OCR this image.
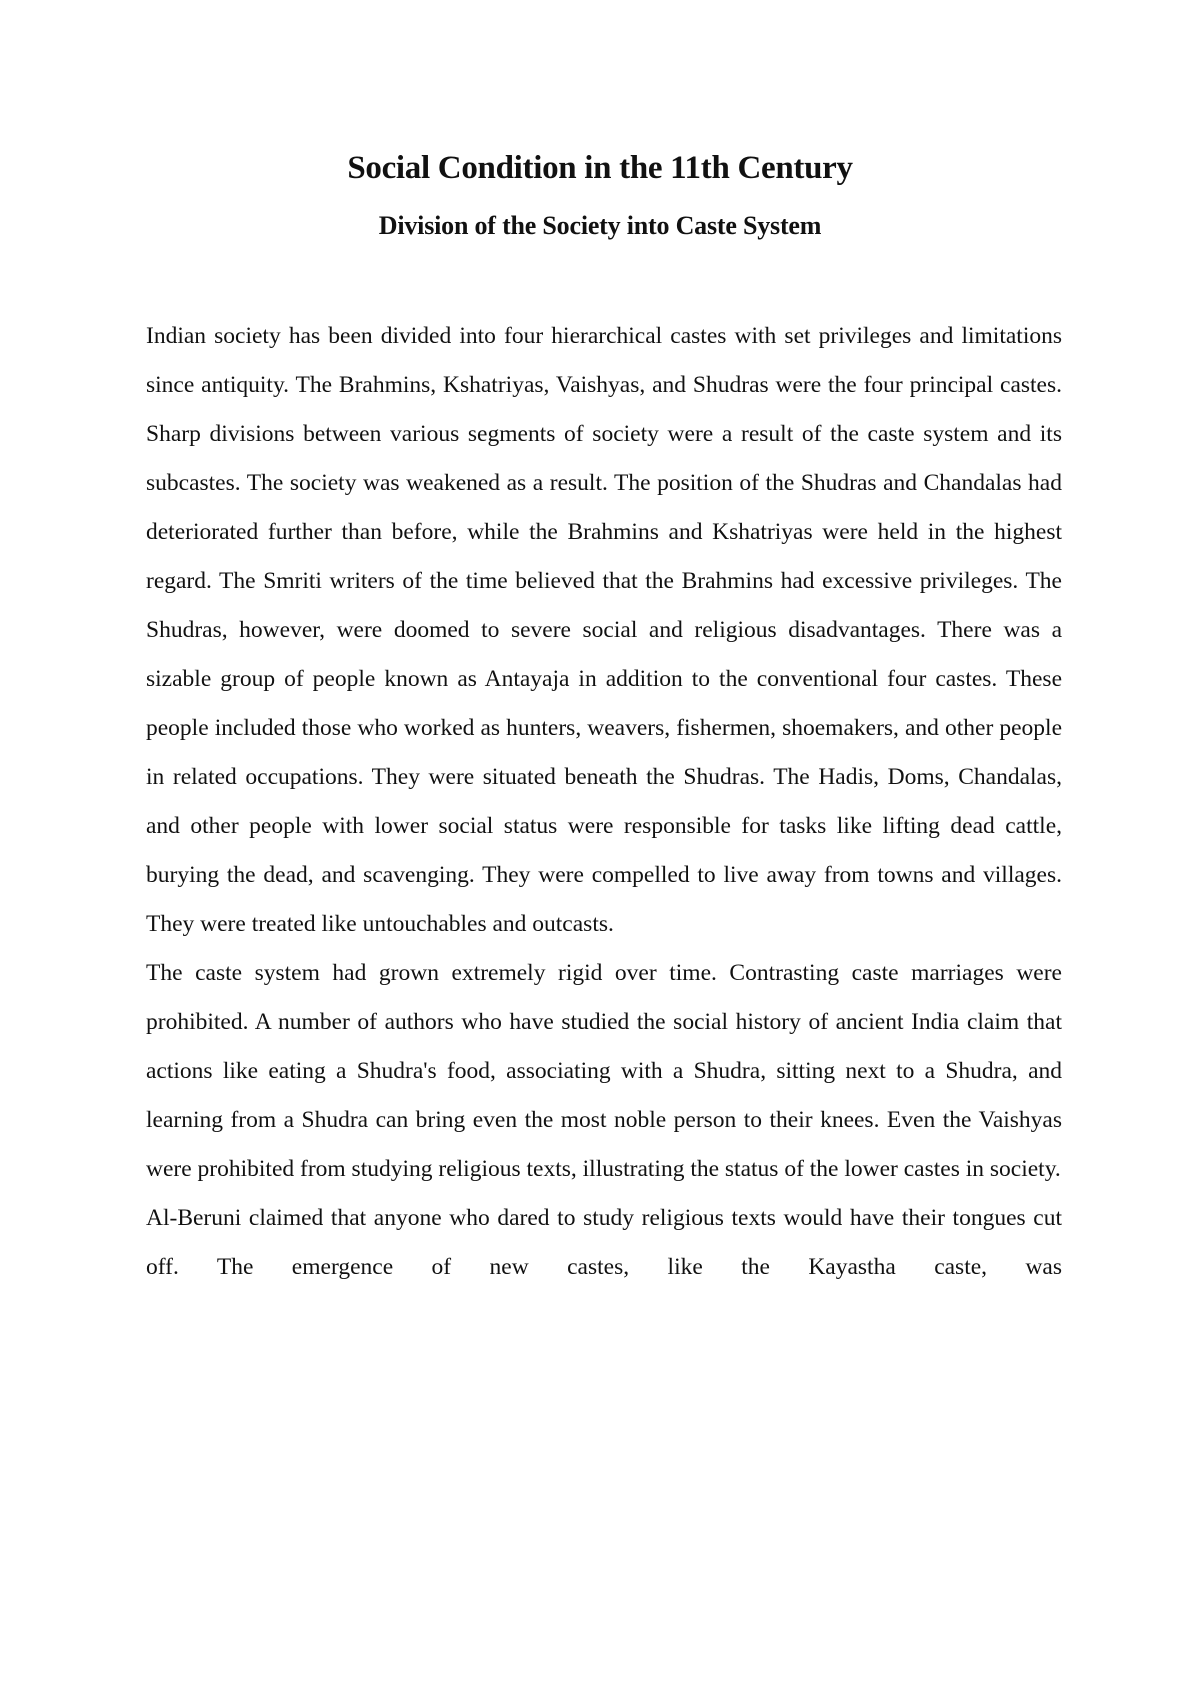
Social Condition in the 11th Century
Division of the Society into Caste System

Indian society has been divided into four hierarchical castes with set privileges and limitations since antiquity. The Brahmins, Kshatriyas, Vaishyas, and Shudras were the four principal castes. Sharp divisions between various segments of society were a result of the caste system and its subcastes. The society was weakened as a result. The position of the Shudras and Chandalas had deteriorated further than before, while the Brahmins and Kshatriyas were held in the highest regard. The Smriti writers of the time believed that the Brahmins had excessive privileges. The Shudras, however, were doomed to severe social and religious disadvantages. There was a sizable group of people known as Antayaja in addition to the conventional four castes. These people included those who worked as hunters, weavers, fishermen, shoemakers, and other people in related occupations. They were situated beneath the Shudras. The Hadis, Doms, Chandalas, and other people with lower social status were responsible for tasks like lifting dead cattle, burying the dead, and scavenging. They were compelled to live away from towns and villages. They were treated like untouchables and outcasts.

The caste system had grown extremely rigid over time. Contrasting caste marriages were prohibited. A number of authors who have studied the social history of ancient India claim that actions like eating a Shudra's food, associating with a Shudra, sitting next to a Shudra, and learning from a Shudra can bring even the most noble person to their knees. Even the Vaishyas were prohibited from studying religious texts, illustrating the status of the lower castes in society.

Al-Beruni claimed that anyone who dared to study religious texts would have their tongues cut off. The emergence of new castes, like the Kayastha caste, was
